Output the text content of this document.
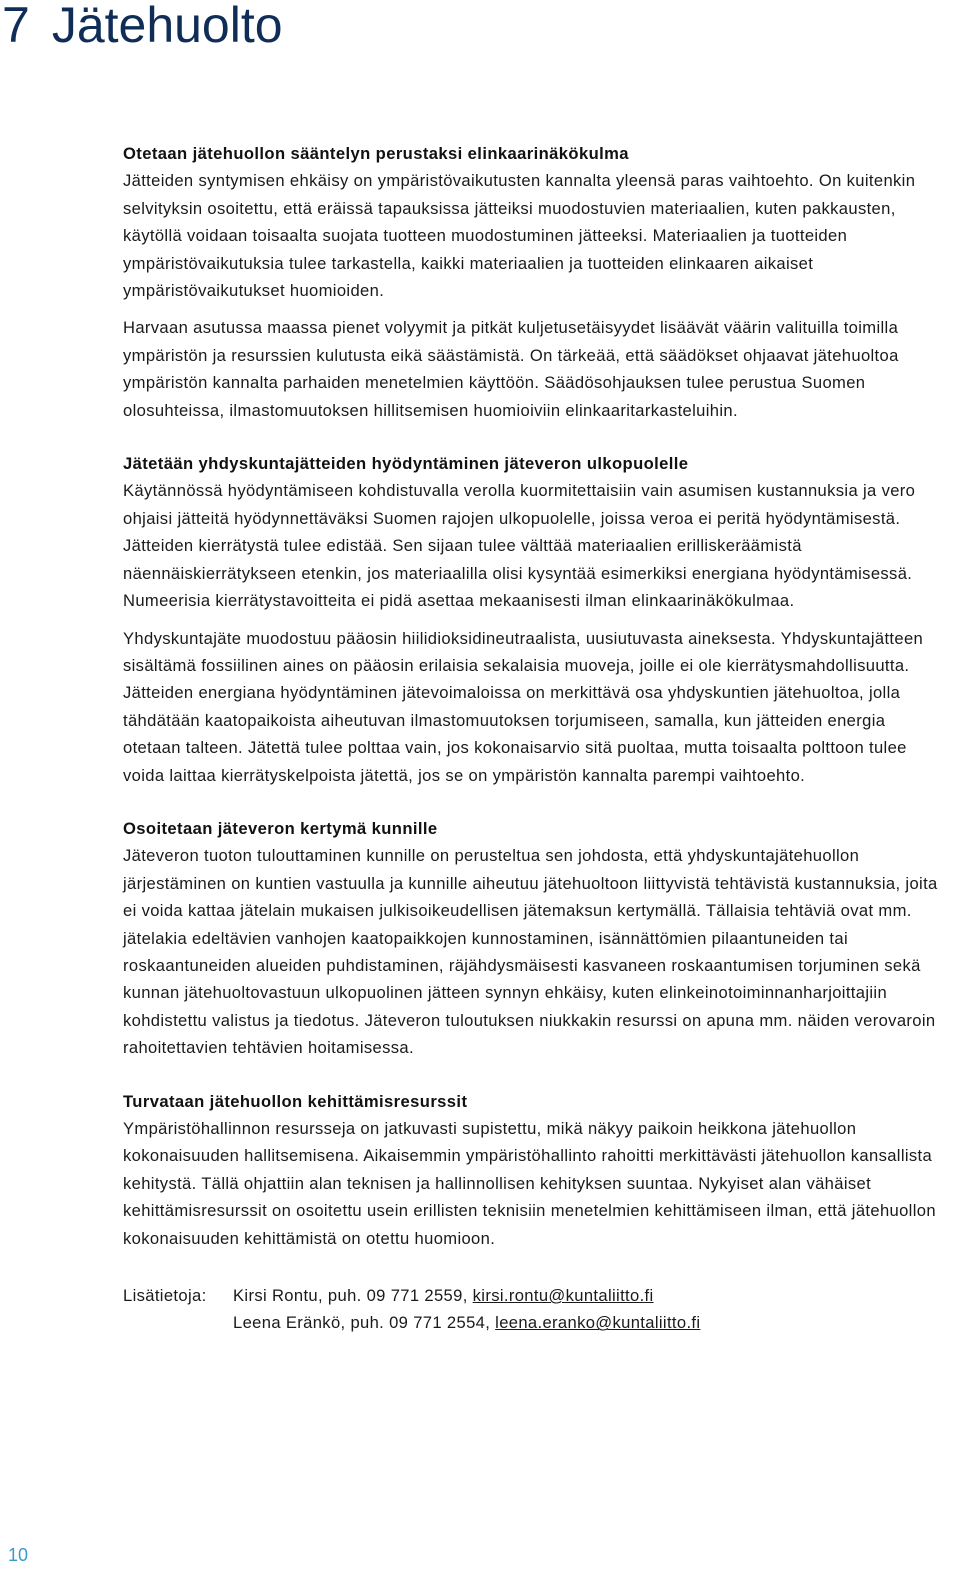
7 Jätehuolto
Otetaan jätehuollon sääntelyn perustaksi elinkaarinäkökulma

Jätteiden syntymisen ehkäisy on ympäristövaikutusten kannalta yleensä paras vaihtoehto. On kuitenkin selvityksin osoitettu, että eräissä tapauksissa jätteiksi muodostuvien materiaalien, kuten pakkausten, käytöllä voidaan toisaalta suojata tuotteen muodostuminen jätteeksi. Materiaalien ja tuotteiden ympäristövaikutuksia tulee tarkastella, kaikki materiaalien ja tuotteiden elinkaaren aikaiset ympäristövaikutukset huomioiden.

Harvaan asutussa maassa pienet volyymit ja pitkät kuljetusetäisyydet lisäävät väärin valituilla toimilla ympäristön ja resurssien kulutusta eikä säästämistä. On tärkeää, että säädökset ohjaavat jätehuoltoa ympäristön kannalta parhaiden menetelmien käyttöön. Säädösohjauksen tulee perustua Suomen olosuhteissa, ilmastomuutoksen hillitsemisen huomioiviin elinkaaritarkasteluihin.

Jätetään yhdyskuntajätteiden hyödyntäminen jäteveron ulkopuolelle

Käytännössä hyödyntämiseen kohdistuvalla verolla kuormitettaisiin vain asumisen kustannuksia ja vero ohjaisi jätteitä hyödynnettäväksi Suomen rajojen ulkopuolelle, joissa veroa ei peritä hyödyntämisestä. Jätteiden kierrätystä tulee edistää. Sen sijaan tulee välttää materiaalien erilliskeräämistä näennäiskierrätykseen etenkin, jos materiaalilla olisi kysyntää esimerkiksi energiana hyödyntämisessä. Numeerisia kierrätystavoitteita ei pidä asettaa mekaanisesti ilman elinkaarinäkökulmaa.

Yhdyskuntajäte muodostuu pääosin hiilidioksidineutraalista, uusiutuvasta aineksesta. Yhdyskuntajätteen sisältämä fossiilinen aines on pääosin erilaisia sekalaisia muoveja, joille ei ole kierrätysmahdollisuutta. Jätteiden energiana hyödyntäminen jätevoimaloissa on merkittävä osa yhdyskuntien jätehuoltoa, jolla tähdätään kaatopaikoista aiheutuvan ilmastomuutoksen torjumiseen, samalla, kun jätteiden energia otetaan talteen. Jätettä tulee polttaa vain, jos kokonaisarvio sitä puoltaa, mutta toisaalta polttoon tulee voida laittaa kierrätyskelpoista jätettä, jos se on ympäristön kannalta parempi vaihtoehto.

Osoitetaan jäteveron kertymä kunnille

Jäteveron tuoton tulouttaminen kunnille on perusteltua sen johdosta, että yhdyskuntajätehuollon järjestäminen on kuntien vastuulla ja kunnille aiheutuu jätehuoltoon liittyvistä tehtävistä kustannuksia, joita ei voida kattaa jätelain mukaisen julkisoikeudellisen jätemaksun kertymällä. Tällaisia tehtäviä ovat mm. jätelakia edeltävien vanhojen kaatopaikkojen kunnostaminen, isännättömien pilaantuneiden tai roskaantuneiden alueiden puhdistaminen, räjähdysmäisesti kasvaneen roskaantumisen torjuminen sekä kunnan jätehuoltovastuun ulkopuolinen jätteen synnyn ehkäisy, kuten elinkeinotoiminnanharjoittajiin kohdistettu valistus ja tiedotus. Jäteveron tuloutuksen niukkakin resurssi on apuna mm. näiden verovaroin rahoitettavien tehtävien hoitamisessa.

Turvataan jätehuollon kehittämisresurssit

Ympäristöhallinnon resursseja on jatkuvasti supistettu, mikä näkyy paikoin heikkona jätehuollon kokonaisuuden hallitsemisena. Aikaisemmin ympäristöhallinto rahoitti merkittävästi jätehuollon kansallista kehitystä. Tällä ohjattiin alan teknisen ja hallinnollisen kehityksen suuntaa. Nykyiset alan vähäiset kehittämisresurssit on osoitettu usein erillisten teknisiin menetelmien kehittämiseen ilman, että jätehuollon kokonaisuuden kehittämistä on otettu huomioon.

Lisätietoja:	Kirsi Rontu, puh. 09 771 2559, kirsi.rontu@kuntaliitto.fi
Leena Eränkö, puh. 09 771 2554, leena.eranko@kuntaliitto.fi
10
